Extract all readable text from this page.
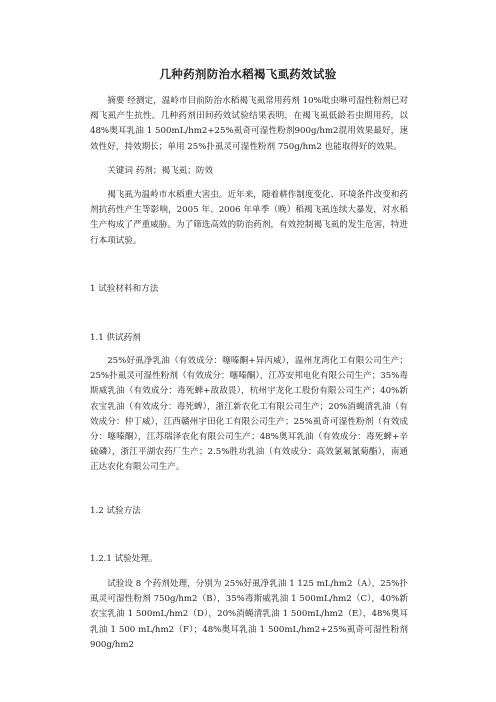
几种药剂防治水稻褐飞虱药效试验
摘要 经测定，温岭市目前防治水稻褐飞虱常用药剂 10%吡虫啉可湿性粉剂已对褐飞虱产生抗性。几种药剂田间药效试验结果表明，在褐飞虱低龄若虫期用药，以48%奥耳乳油 1 500mL/hm2+25%虱奇可湿性粉剂900g/hm2混用效果最好，速效性好，持效期长；单用 25%扑虱灵可湿性粉剂 750g/hm2 也能取得好的效果。
关键词 药剂；褐飞虱；防效
褐飞虱为温岭市水稻重大害虫。近年来，随着耕作制度变化、环境条件改变和药剂抗药性产生等影响，2005 年、2006 年单季（晚）稻褐飞虱连续大暴发，对水稻生产构成了严重威胁。为了筛选高效的防治药剂，有效控制褐飞虱的发生危害，特进行本项试验。
1 试验材料和方法
1.1 供试药剂
25%好虱净乳油（有效成分：噻嗪酮+异丙威），温州龙湾化工有限公司生产；25%扑虱灵可湿性粉剂（有效成分：噻嗪酮），江苏安邦电化有限公司生产；35%毒斯威乳油（有效成分：毒死蜱+敌敌畏），杭州宇龙化工股份有限公司生产；40%新农宝乳油（有效成分：毒死蜱），浙江新农化工有限公司生产；20%消蝇清乳油（有效成分：仲丁威），江西赣州宇田化工有限公司生产；25%虱奇可湿性粉剂（有效成分：噻嗪酮），江苏瑞泽农化有限公司生产；48%奥耳乳油（有效成分：毒死蜱+辛硫磷），浙江平湖农药厂生产；2.5%胜功乳油（有效成分：高效氯氟氰菊酯），南通正达农化有限公司生产。
1.2 试验方法
1.2.1 试验处理。
试验设 8 个药剂处理，分别为 25%好虱净乳油 1 125 mL/hm2（A），25%扑虱灵可湿性粉剂 750g/hm2（B），35%毒斯威乳油 1 500mL/hm2（C），40%新农宝乳油 1 500mL/hm2（D），20%消蝇清乳油 1 500mL/hm2（E），48%奥耳乳油 1 500 mL/hm2（F）；48%奥耳乳油 1 500mL/hm2+25%虱奇可湿性粉剂 900g/hm2
